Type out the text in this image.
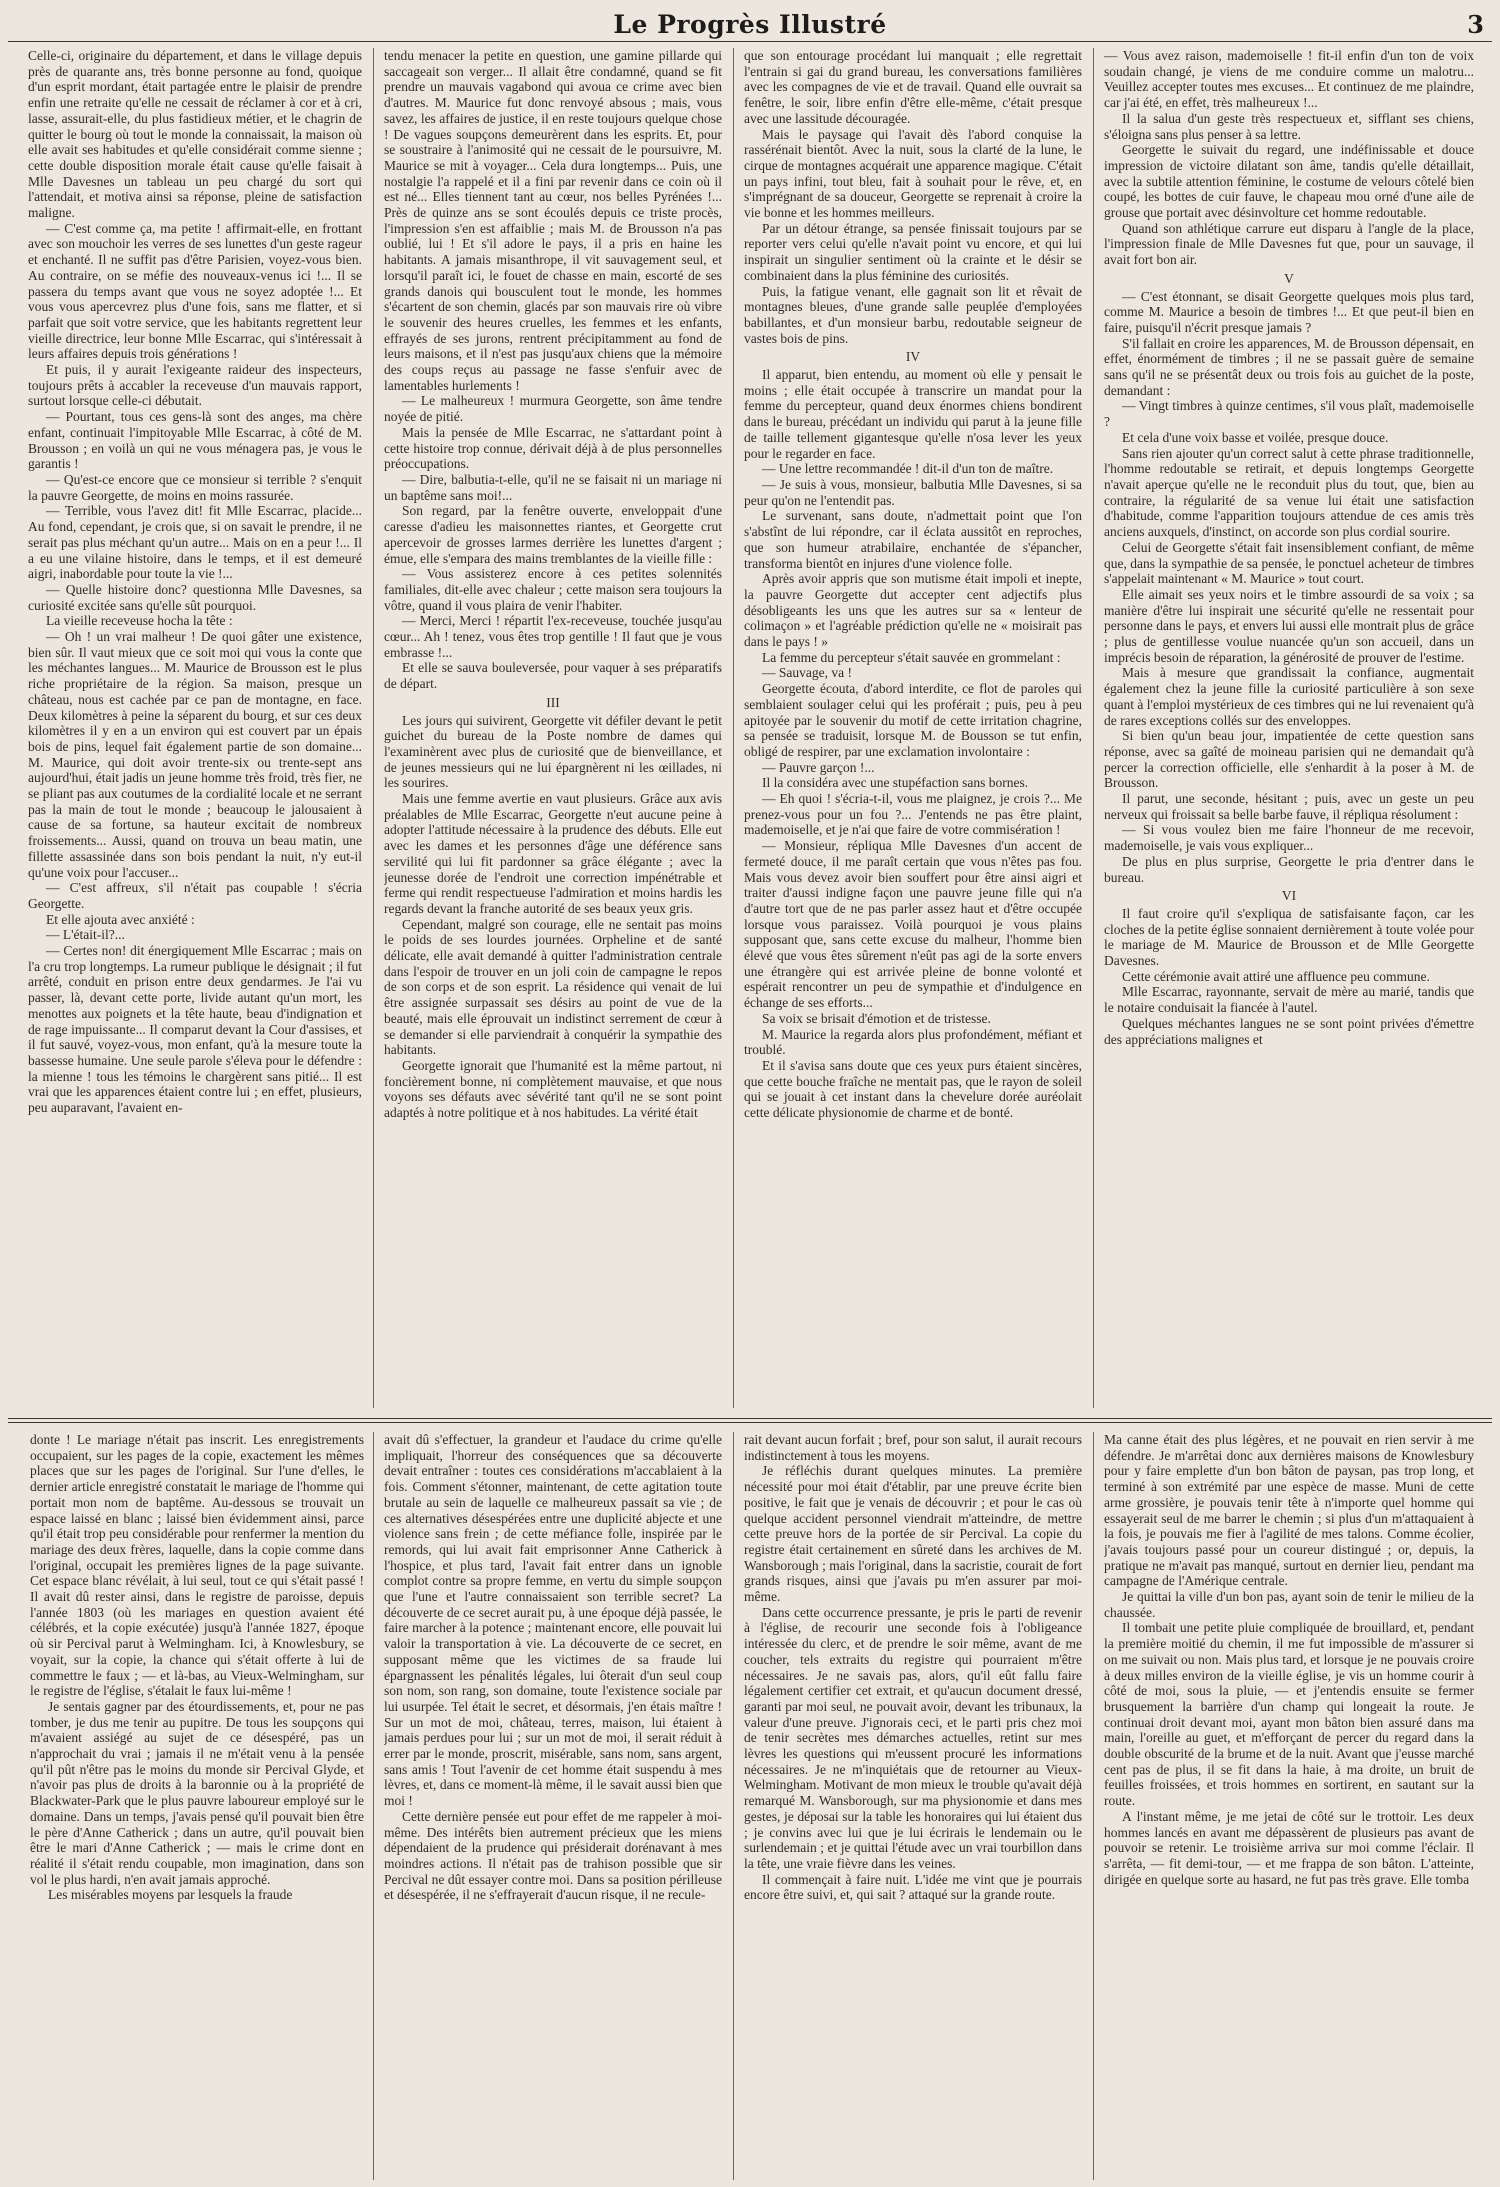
Le Progrès Illustré	3

Celle-ci, originaire du département, et dans le village depuis près de quarante ans, très bonne personne au fond, quoique d'un esprit mordant, était partagée entre le plaisir de prendre enfin une retraite qu'elle ne cessait de réclamer à cor et à cri, lasse, assurait-elle, du plus fastidieux métier, et le chagrin de quitter le bourg où tout le monde la connaissait, la maison où elle avait ses habitudes et qu'elle considérait comme sienne ; cette double disposition morale était cause qu'elle faisait à Mlle Davesnes un tableau un peu chargé du sort qui l'attendait, et motiva ainsi sa réponse, pleine de satisfaction maligne.

— C'est comme ça, ma petite ! affirmait-elle, en frottant avec son mouchoir les verres de ses lunettes d'un geste rageur et enchanté. Il ne suffit pas d'être Parisien, voyez-vous bien. Au contraire, on se méfie des nouveaux-venus ici !... Il se passera du temps avant que vous ne soyez adoptée !... Et vous vous apercevrez plus d'une fois, sans me flatter, et si parfait que soit votre service, que les habitants regrettent leur vieille directrice, leur bonne Mlle Escarrac, qui s'intéressait à leurs affaires depuis trois générations !

Et puis, il y aurait l'exigeante raideur des inspecteurs, toujours prêts à accabler la receveuse d'un mauvais rapport, surtout lorsque celle-ci débutait.

— Pourtant, tous ces gens-là sont des anges, ma chère enfant, continuait l'impitoyable Mlle Escarrac, à côté de M. Brousson ; en voilà un qui ne vous ménagera pas, je vous le garantis !

— Qu'est-ce encore que ce monsieur si terrible ? s'enquit la pauvre Georgette, de moins en moins rassurée.

— Terrible, vous l'avez dit! fit Mlle Escarrac, placide... Au fond, cependant, je crois que, si on savait le prendre, il ne serait pas plus méchant qu'un autre... Mais on en a peur !... Il a eu une vilaine histoire, dans le temps, et il est demeuré aigri, inabordable pour toute la vie !...

— Quelle histoire donc? questionna Mlle Davesnes, sa curiosité excitée sans qu'elle sût pourquoi.

La vieille receveuse hocha la tête :

— Oh ! un vrai malheur ! De quoi gâter une existence, bien sûr. Il vaut mieux que ce soit moi qui vous la conte que les méchantes langues... M. Maurice de Brousson est le plus riche propriétaire de la région. Sa maison, presque un château, nous est cachée par ce pan de montagne, en face. Deux kilomètres à peine la séparent du bourg, et sur ces deux kilomètres il y en a un environ qui est couvert par un épais bois de pins, lequel fait également partie de son domaine... M. Maurice, qui doit avoir trente-six ou trente-sept ans aujourd'hui, était jadis un jeune homme très froid, très fier, ne se pliant pas aux coutumes de la cordialité locale et ne serrant pas la main de tout le monde ; beaucoup le jalousaient à cause de sa fortune, sa hauteur excitait de nombreux froissements... Aussi, quand on trouva un beau matin, une fillette assassinée dans son bois pendant la nuit, n'y eut-il qu'une voix pour l'accuser...

— C'est affreux, s'il n'était pas coupable ! s'écria Georgette.

Et elle ajouta avec anxiété :

— L'était-il?...

— Certes non! dit énergiquement Mlle Escarrac ; mais on l'a cru trop longtemps. La rumeur publique le désignait ; il fut arrêté, conduit en prison entre deux gendarmes. Je l'ai vu passer, là, devant cette porte, livide autant qu'un mort, les menottes aux poignets et la tête haute, beau d'indignation et de rage impuissante... Il comparut devant la Cour d'assises, et il fut sauvé, voyez-vous, mon enfant, qu'à la mesure toute la bassesse humaine. Une seule parole s'éleva pour le défendre : la mienne ! tous les témoins le chargèrent sans pitié... Il est vrai que les apparences étaient contre lui ; en effet, plusieurs, peu auparavant, l'avaient en-

tendu menacer la petite en question, une gamine pillarde qui saccageait son verger... Il allait être condamné, quand se fit prendre un mauvais vagabond qui avoua ce crime avec bien d'autres. M. Maurice fut donc renvoyé absous ; mais, vous savez, les affaires de justice, il en reste toujours quelque chose ! De vagues soupçons demeurèrent dans les esprits. Et, pour se soustraire à l'animosité qui ne cessait de le poursuivre, M. Maurice se mit à voyager... Cela dura longtemps... Puis, une nostalgie l'a rappelé et il a fini par revenir dans ce coin où il est né... Elles tiennent tant au cœur, nos belles Pyrénées !... Près de quinze ans se sont écoulés depuis ce triste procès, l'impression s'en est affaiblie ; mais M. de Brousson n'a pas oublié, lui ! Et s'il adore le pays, il a pris en haine les habitants. A jamais misanthrope, il vit sauvagement seul, et lorsqu'il paraît ici, le fouet de chasse en main, escorté de ses grands danois qui bousculent tout le monde, les hommes s'écartent de son chemin, glacés par son mauvais rire où vibre le souvenir des heures cruelles, les femmes et les enfants, effrayés de ses jurons, rentrent précipitamment au fond de leurs maisons, et il n'est pas jusqu'aux chiens que la mémoire des coups reçus au passage ne fasse s'enfuir avec de lamentables hurlements !

— Le malheureux ! murmura Georgette, son âme tendre noyée de pitié.

Mais la pensée de Mlle Escarrac, ne s'attardant point à cette histoire trop connue, dérivait déjà à de plus personnelles préoccupations.

— Dire, balbutia-t-elle, qu'il ne se faisait ni un mariage ni un baptême sans moi!...

Son regard, par la fenêtre ouverte, enveloppait d'une caresse d'adieu les maisonnettes riantes, et Georgette crut apercevoir de grosses larmes derrière les lunettes d'argent ; émue, elle s'empara des mains tremblantes de la vieille fille :

— Vous assisterez encore à ces petites solennités familiales, dit-elle avec chaleur ; cette maison sera toujours la vôtre, quand il vous plaira de venir l'habiter.

— Merci, Merci ! répartit l'ex-receveuse, touchée jusqu'au cœur... Ah ! tenez, vous êtes trop gentille ! Il faut que je vous embrasse !...

Et elle se sauva bouleversée, pour vaquer à ses préparatifs de départ.

III

Les jours qui suivirent, Georgette vit défiler devant le petit guichet du bureau de la Poste nombre de dames qui l'examinèrent avec plus de curiosité que de bienveillance, et de jeunes messieurs qui ne lui épargnèrent ni les œillades, ni les sourires.

Mais une femme avertie en vaut plusieurs. Grâce aux avis préalables de Mlle Escarrac, Georgette n'eut aucune peine à adopter l'attitude nécessaire à la prudence des débuts. Elle eut avec les dames et les personnes d'âge une déférence sans servilité qui lui fit pardonner sa grâce élégante ; avec la jeunesse dorée de l'endroit une correction impénétrable et ferme qui rendit respectueuse l'admiration et moins hardis les regards devant la franche autorité de ses beaux yeux gris.

Cependant, malgré son courage, elle ne sentait pas moins le poids de ses lourdes journées. Orpheline et de santé délicate, elle avait demandé à quitter l'administration centrale dans l'espoir de trouver en un joli coin de campagne le repos de son corps et de son esprit. La résidence qui venait de lui être assignée surpassait ses désirs au point de vue de la beauté, mais elle éprouvait un indistinct serrement de cœur à se demander si elle parviendrait à conquérir la sympathie des habitants.

Georgette ignorait que l'humanité est la même partout, ni foncièrement bonne, ni complètement mauvaise, et que nous voyons ses défauts avec sévérité tant qu'il ne se sont point adaptés à notre politique et à nos habitudes. La vérité était

que son entourage procédant lui manquait ; elle regrettait l'entrain si gai du grand bureau, les conversations familières avec les compagnes de vie et de travail. Quand elle ouvrait sa fenêtre, le soir, libre enfin d'être elle-même, c'était presque avec une lassitude découragée.

Mais le paysage qui l'avait dès l'abord conquise la rassérénait bientôt. Avec la nuit, sous la clarté de la lune, le cirque de montagnes acquérait une apparence magique. C'était un pays infini, tout bleu, fait à souhait pour le rêve, et, en s'imprégnant de sa douceur, Georgette se reprenait à croire la vie bonne et les hommes meilleurs.

Par un détour étrange, sa pensée finissait toujours par se reporter vers celui qu'elle n'avait point vu encore, et qui lui inspirait un singulier sentiment où la crainte et le désir se combinaient dans la plus féminine des curiosités.

Puis, la fatigue venant, elle gagnait son lit et rêvait de montagnes bleues, d'une grande salle peuplée d'employées babillantes, et d'un monsieur barbu, redoutable seigneur de vastes bois de pins.

IV

Il apparut, bien entendu, au moment où elle y pensait le moins ; elle était occupée à transcrire un mandat pour la femme du percepteur, quand deux énormes chiens bondirent dans le bureau, précédant un individu qui parut à la jeune fille de taille tellement gigantesque qu'elle n'osa lever les yeux pour le regarder en face.

— Une lettre recommandée ! dit-il d'un ton de maître.

— Je suis à vous, monsieur, balbutia Mlle Davesnes, si sa peur qu'on ne l'entendit pas.

Le survenant, sans doute, n'admettait point que l'on s'abstînt de lui répondre, car il éclata aussitôt en reproches, que son humeur atrabilaire, enchantée de s'épancher, transforma bientôt en injures d'une violence folle.

Après avoir appris que son mutisme était impoli et inepte, la pauvre Georgette dut accepter cent adjectifs plus désobligeants les uns que les autres sur sa « lenteur de colimaçon » et l'agréable prédiction qu'elle ne « moisirait pas dans le pays ! »

La femme du percepteur s'était sauvée en grommelant :

— Sauvage, va !

Georgette écouta, d'abord interdite, ce flot de paroles qui semblaient soulager celui qui les proférait ; puis, peu à peu apitoyée par le souvenir du motif de cette irritation chagrine, sa pensée se traduisit, lorsque M. de Bousson se tut enfin, obligé de respirer, par une exclamation involontaire :

— Pauvre garçon !...

Il la considéra avec une stupéfaction sans bornes.

— Eh quoi ! s'écria-t-il, vous me plaignez, je crois ?... Me prenez-vous pour un fou ?... J'entends ne pas être plaint, mademoiselle, et je n'ai que faire de votre commisération !

— Monsieur, répliqua Mlle Davesnes d'un accent de fermeté douce, il me paraît certain que vous n'êtes pas fou. Mais vous devez avoir bien souffert pour être ainsi aigri et traiter d'aussi indigne façon une pauvre jeune fille qui n'a d'autre tort que de ne pas parler assez haut et d'être occupée lorsque vous paraissez. Voilà pourquoi je vous plains supposant que, sans cette excuse du malheur, l'homme bien élevé que vous êtes sûrement n'eût pas agi de la sorte envers une étrangère qui est arrivée pleine de bonne volonté et espérait rencontrer un peu de sympathie et d'indulgence en échange de ses efforts...

Sa voix se brisait d'émotion et de tristesse.

M. Maurice la regarda alors plus profondément, méfiant et troublé.

Et il s'avisa sans doute que ces yeux purs étaient sincères, que cette bouche fraîche ne mentait pas, que le rayon de soleil qui se jouait à cet instant dans la chevelure dorée auréolait cette délicate physionomie de charme et de bonté.

— Vous avez raison, mademoiselle ! fit-il enfin d'un ton de voix soudain changé, je viens de me conduire comme un malotru... Veuillez accepter toutes mes excuses... Et continuez de me plaindre, car j'ai été, en effet, très malheureux !...

Il la salua d'un geste très respectueux et, sifflant ses chiens, s'éloigna sans plus penser à sa lettre.

Georgette le suivait du regard, une indéfinissable et douce impression de victoire dilatant son âme, tandis qu'elle détaillait, avec la subtile attention féminine, le costume de velours côtelé bien coupé, les bottes de cuir fauve, le chapeau mou orné d'une aile de grouse que portait avec désinvolture cet homme redoutable.

Quand son athlétique carrure eut disparu à l'angle de la place, l'impression finale de Mlle Davesnes fut que, pour un sauvage, il avait fort bon air.

V

— C'est étonnant, se disait Georgette quelques mois plus tard, comme M. Maurice a besoin de timbres !... Et que peut-il bien en faire, puisqu'il n'écrit presque jamais ?

S'il fallait en croire les apparences, M. de Brousson dépensait, en effet, énormément de timbres ; il ne se passait guère de semaine sans qu'il ne se présentât deux ou trois fois au guichet de la poste, demandant :

— Vingt timbres à quinze centimes, s'il vous plaît, mademoiselle ?

Et cela d'une voix basse et voilée, presque douce.

Sans rien ajouter qu'un correct salut à cette phrase traditionnelle, l'homme redoutable se retirait, et depuis longtemps Georgette n'avait aperçue qu'elle ne le reconduit plus du tout, que, bien au contraire, la régularité de sa venue lui était une satisfaction d'habitude, comme l'apparition toujours attendue de ces amis très anciens auxquels, d'instinct, on accorde son plus cordial sourire.

Celui de Georgette s'était fait insensiblement confiant, de même que, dans la sympathie de sa pensée, le ponctuel acheteur de timbres s'appelait maintenant « M. Maurice » tout court.

Elle aimait ses yeux noirs et le timbre assourdi de sa voix ; sa manière d'être lui inspirait une sécurité qu'elle ne ressentait pour personne dans le pays, et envers lui aussi elle montrait plus de grâce ; plus de gentillesse voulue nuancée qu'un son accueil, dans un imprécis besoin de réparation, la générosité de prouver de l'estime.

Mais à mesure que grandissait la confiance, augmentait également chez la jeune fille la curiosité particulière à son sexe quant à l'emploi mystérieux de ces timbres qui ne lui revenaient qu'à de rares exceptions collés sur des enveloppes.

Si bien qu'un beau jour, impatientée de cette question sans réponse, avec sa gaîté de moineau parisien qui ne demandait qu'à percer la correction officielle, elle s'enhardit à la poser à M. de Brousson.

Il parut, une seconde, hésitant ; puis, avec un geste un peu nerveux qui froissait sa belle barbe fauve, il répliqua résolument :

— Si vous voulez bien me faire l'honneur de me recevoir, mademoiselle, je vais vous expliquer...

De plus en plus surprise, Georgette le pria d'entrer dans le bureau.

VI

Il faut croire qu'il s'expliqua de satisfaisante façon, car les cloches de la petite église sonnaient dernièrement à toute volée pour le mariage de M. Maurice de Brousson et de Mlle Georgette Davesnes.

Cette cérémonie avait attiré une affluence peu commune.

Mlle Escarrac, rayonnante, servait de mère au marié, tandis que le notaire conduisait la fiancée à l'autel.

Quelques méchantes langues ne se sont point privées d'émettre des appréciations malignes et

donte ! Le mariage n'était pas inscrit. Les enregistrements occupaient, sur les pages de la copie, exactement les mêmes places que sur les pages de l'original. Sur l'une d'elles, le dernier article enregistré constatait le mariage de l'homme qui portait mon nom de baptême. Au-dessous se trouvait un espace laissé en blanc ; laissé bien évidemment ainsi, parce qu'il était trop peu considérable pour renfermer la mention du mariage des deux frères, laquelle, dans la copie comme dans l'original, occupait les premières lignes de la page suivante. Cet espace blanc révélait, à lui seul, tout ce qui s'était passé ! Il avait dû rester ainsi, dans le registre de paroisse, depuis l'année 1803 (où les mariages en question avaient été célébrés, et la copie exécutée) jusqu'à l'année 1827, époque où sir Percival parut à Welmingham. Ici, à Knowlesbury, se voyait, sur la copie, la chance qui s'était offerte à lui de commettre le faux ; — et là-bas, au Vieux-Welmingham, sur le registre de l'église, s'étalait le faux lui-même !

Je sentais gagner par des étourdissements, et, pour ne pas tomber, je dus me tenir au pupitre. De tous les soupçons qui m'avaient assiégé au sujet de ce désespéré, pas un n'approchait du vrai ; jamais il ne m'était venu à la pensée qu'il pût n'être pas le moins du monde sir Percival Glyde, et n'avoir pas plus de droits à la baronnie ou à la propriété de Blackwater-Park que le plus pauvre laboureur employé sur le domaine. Dans un temps, j'avais pensé qu'il pouvait bien être le père d'Anne Catherick ; dans un autre, qu'il pouvait bien être le mari d'Anne Catherick ; — mais le crime dont en réalité il s'était rendu coupable, mon imagination, dans son vol le plus hardi, n'en avait jamais approché.

Les misérables moyens par lesquels la fraude

avait dû s'effectuer, la grandeur et l'audace du crime qu'elle impliquait, l'horreur des conséquences que sa découverte devait entraîner : toutes ces considérations m'accablaient à la fois. Comment s'étonner, maintenant, de cette agitation toute brutale au sein de laquelle ce malheureux passait sa vie ; de ces alternatives désespérées entre une duplicité abjecte et une violence sans frein ; de cette méfiance folle, inspirée par le remords, qui lui avait fait emprisonner Anne Catherick à l'hospice, et plus tard, l'avait fait entrer dans un ignoble complot contre sa propre femme, en vertu du simple soupçon que l'une et l'autre connaissaient son terrible secret? La découverte de ce secret aurait pu, à une époque déjà passée, le faire marcher à la potence ; maintenant encore, elle pouvait lui valoir la transportation à vie. La découverte de ce secret, en supposant même que les victimes de sa fraude lui épargnassent les pénalités légales, lui ôterait d'un seul coup son nom, son rang, son domaine, toute l'existence sociale par lui usurpée. Tel était le secret, et désormais, j'en étais maître ! Sur un mot de moi, château, terres, maison, lui étaient à jamais perdues pour lui ; sur un mot de moi, il serait réduit à errer par le monde, proscrit, misérable, sans nom, sans argent, sans amis ! Tout l'avenir de cet homme était suspendu à mes lèvres, et, dans ce moment-là même, il le savait aussi bien que moi !

Cette dernière pensée eut pour effet de me rappeler à moi-même. Des intérêts bien autrement précieux que les miens dépendaient de la prudence qui présiderait dorénavant à mes moindres actions. Il n'était pas de trahison possible que sir Percival ne dût essayer contre moi. Dans sa position périlleuse et désespérée, il ne s'effrayerait d'aucun risque, il ne recule-

rait devant aucun forfait ; bref, pour son salut, il aurait recours indistinctement à tous les moyens.

Je réfléchis durant quelques minutes. La première nécessité pour moi était d'établir, par une preuve écrite bien positive, le fait que je venais de découvrir ; et pour le cas où quelque accident personnel viendrait m'atteindre, de mettre cette preuve hors de la portée de sir Percival. La copie du registre était certainement en sûreté dans les archives de M. Wansborough ; mais l'original, dans la sacristie, courait de fort grands risques, ainsi que j'avais pu m'en assurer par moi-même.

Dans cette occurrence pressante, je pris le parti de revenir à l'église, de recourir une seconde fois à l'obligeance intéressée du clerc, et de prendre le soir même, avant de me coucher, tels extraits du registre qui pourraient m'être nécessaires. Je ne savais pas, alors, qu'il eût fallu faire légalement certifier cet extrait, et qu'aucun document dressé, garanti par moi seul, ne pouvait avoir, devant les tribunaux, la valeur d'une preuve. J'ignorais ceci, et le parti pris chez moi de tenir secrètes mes démarches actuelles, retint sur mes lèvres les questions qui m'eussent procuré les informations nécessaires. Je ne m'inquiétais que de retourner au Vieux-Welmingham. Motivant de mon mieux le trouble qu'avait déjà remarqué M. Wansborough, sur ma physionomie et dans mes gestes, je déposai sur la table les honoraires qui lui étaient dus ; je convins avec lui que je lui écrirais le lendemain ou le surlendemain ; et je quittai l'étude avec un vrai tourbillon dans la tête, une vraie fièvre dans les veines.

Il commençait à faire nuit. L'idée me vint que je pourrais encore être suivi, et, qui sait ? attaqué sur la grande route.

Ma canne était des plus légères, et ne pouvait en rien servir à me défendre. Je m'arrêtai donc aux dernières maisons de Knowlesbury pour y faire emplette d'un bon bâton de paysan, pas trop long, et terminé à son extrémité par une espèce de masse. Muni de cette arme grossière, je pouvais tenir tête à n'importe quel homme qui essayerait seul de me barrer le chemin ; si plus d'un m'attaquaient à la fois, je pouvais me fier à l'agilité de mes talons. Comme écolier, j'avais toujours passé pour un coureur distingué ; or, depuis, la pratique ne m'avait pas manqué, surtout en dernier lieu, pendant ma campagne de l'Amérique centrale.

Je quittai la ville d'un bon pas, ayant soin de tenir le milieu de la chaussée.

Il tombait une petite pluie compliquée de brouillard, et, pendant la première moitié du chemin, il me fut impossible de m'assurer si on me suivait ou non. Mais plus tard, et lorsque je ne pouvais croire à deux milles environ de la vieille église, je vis un homme courir à côté de moi, sous la pluie, — et j'entendis ensuite se fermer brusquement la barrière d'un champ qui longeait la route. Je continuai droit devant moi, ayant mon bâton bien assuré dans ma main, l'oreille au guet, et m'efforçant de percer du regard dans la double obscurité de la brume et de la nuit. Avant que j'eusse marché cent pas de plus, il se fit dans la haie, à ma droite, un bruit de feuilles froissées, et trois hommes en sortirent, en sautant sur la route.

A l'instant même, je me jetai de côté sur le trottoir. Les deux hommes lancés en avant me dépassèrent de plusieurs pas avant de pouvoir se retenir. Le troisième arriva sur moi comme l'éclair. Il s'arrêta, — fit demi-tour, — et me frappa de son bâton. L'atteinte, dirigée en quelque sorte au hasard, ne fut pas très grave. Elle tomba
